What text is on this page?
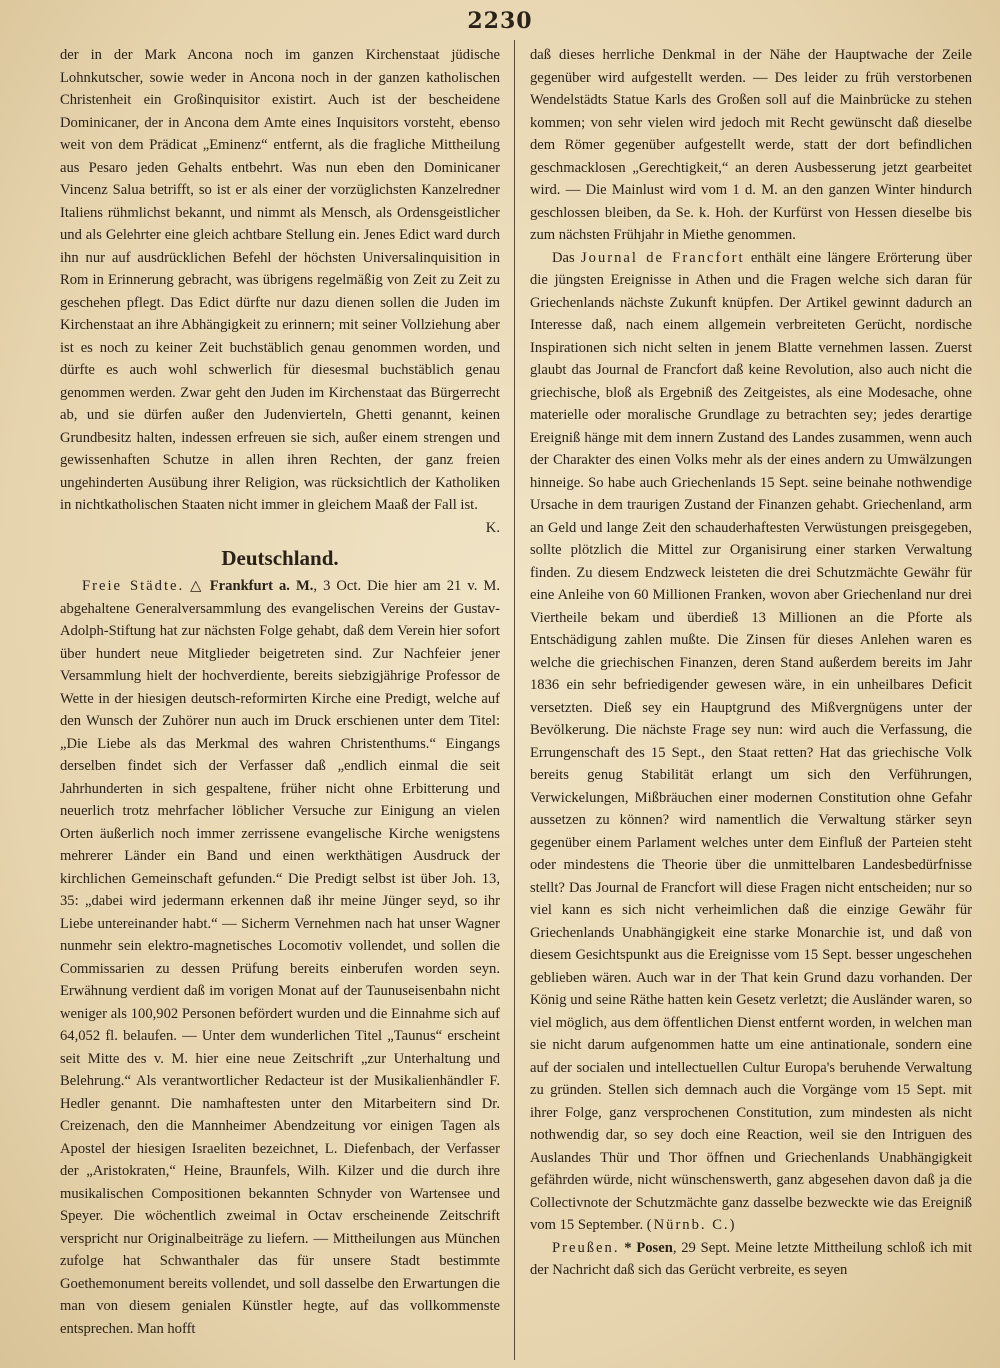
2230

der in der Mark Ancona noch im ganzen Kirchenstaat jüdische Lohnkutscher, sowie weder in Ancona noch in der ganzen katholischen Christenheit ein Großinquisitor existirt. Auch ist der bescheidene Dominicaner, der in Ancona dem Amte eines Inquisitors vorsteht, ebenso weit von dem Prädicat „Eminenz“ entfernt, als die fragliche Mittheilung aus Pesaro jeden Gehalts entbehrt. Was nun eben den Dominicaner Vincenz Salua betrifft, so ist er als einer der vorzüglichsten Kanzelredner Italiens rühmlichst bekannt, und nimmt als Mensch, als Ordensgeistlicher und als Gelehrter eine gleich achtbare Stellung ein. Jenes Edict ward durch ihn nur auf ausdrücklichen Befehl der höchsten Universalinquisition in Rom in Erinnerung gebracht, was übrigens regelmäßig von Zeit zu Zeit zu geschehen pflegt. Das Edict dürfte nur dazu dienen sollen die Juden im Kirchenstaat an ihre Abhängigkeit zu erinnern; mit seiner Vollziehung aber ist es noch zu keiner Zeit buchstäblich genau genommen worden, und dürfte es auch wohl schwerlich für diesesmal buchstäblich genau genommen werden. Zwar geht den Juden im Kirchenstaat das Bürgerrecht ab, und sie dürfen außer den Judenvierteln, Ghetti genannt, keinen Grundbesitz halten, indessen erfreuen sie sich, außer einem strengen und gewissenhaften Schutze in allen ihren Rechten, der ganz freien ungehinderten Ausübung ihrer Religion, was rücksichtlich der Katholiken in nichtkatholischen Staaten nicht immer in gleichem Maaß der Fall ist.

K.

Deutschland.

Freie Städte. △ Frankfurt a. M., 3 Oct. Die hier am 21 v. M. abgehaltene Generalversammlung des evangelischen Vereins der Gustav-Adolph-Stiftung hat zur nächsten Folge gehabt, daß dem Verein hier sofort über hundert neue Mitglieder beigetreten sind. Zur Nachfeier jener Versammlung hielt der hochverdiente, bereits siebzigjährige Professor de Wette in der hiesigen deutsch-reformirten Kirche eine Predigt, welche auf den Wunsch der Zuhörer nun auch im Druck erschienen unter dem Titel: „Die Liebe als das Merkmal des wahren Christenthums.“ Eingangs derselben findet sich der Verfasser daß „endlich einmal die seit Jahrhunderten in sich gespaltene, früher nicht ohne Erbitterung und neuerlich trotz mehrfacher löblicher Versuche zur Einigung an vielen Orten äußerlich noch immer zerrissene evangelische Kirche wenigstens mehrerer Länder ein Band und einen werkthätigen Ausdruck der kirchlichen Gemeinschaft gefunden.“ Die Predigt selbst ist über Joh. 13, 35: „dabei wird jedermann erkennen daß ihr meine Jünger seyd, so ihr Liebe untereinander habt.“ — Sicherm Vernehmen nach hat unser Wagner nunmehr sein elektro-magnetisches Locomotiv vollendet, und sollen die Commissarien zu dessen Prüfung bereits einberufen worden seyn. Erwähnung verdient daß im vorigen Monat auf der Taunuseisenbahn nicht weniger als 100,902 Personen befördert wurden und die Einnahme sich auf 64,052 fl. belaufen. — Unter dem wunderlichen Titel „Taunus“ erscheint seit Mitte des v. M. hier eine neue Zeitschrift „zur Unterhaltung und Belehrung.“ Als verantwortlicher Redacteur ist der Musikalienhändler F. Hedler genannt. Die namhaftesten unter den Mitarbeitern sind Dr. Creizenach, den die Mannheimer Abendzeitung vor einigen Tagen als Apostel der hiesigen Israeliten bezeichnet, L. Diefenbach, der Verfasser der „Aristokraten,“ Heine, Braunfels, Wilh. Kilzer und die durch ihre musikalischen Compositionen bekannten Schnyder von Wartensee und Speyer. Die wöchentlich zweimal in Octav erscheinende Zeitschrift verspricht nur Originalbeiträge zu liefern. — Mittheilungen aus München zufolge hat Schwanthaler das für unsere Stadt bestimmte Goethemonument bereits vollendet, und soll dasselbe den Erwartungen die man von diesem genialen Künstler hegte, auf das vollkommenste entsprechen. Man hofft

daß dieses herrliche Denkmal in der Nähe der Hauptwache der Zeile gegenüber wird aufgestellt werden. — Des leider zu früh verstorbenen Wendelstädts Statue Karls des Großen soll auf die Mainbrücke zu stehen kommen; von sehr vielen wird jedoch mit Recht gewünscht daß dieselbe dem Römer gegenüber aufgestellt werde, statt der dort befindlichen geschmacklosen „Gerechtigkeit,“ an deren Ausbesserung jetzt gearbeitet wird. — Die Mainlust wird vom 1 d. M. an den ganzen Winter hindurch geschlossen bleiben, da Se. k. Hoh. der Kurfürst von Hessen dieselbe bis zum nächsten Frühjahr in Miethe genommen.

Das Journal de Francfort enthält eine längere Erörterung über die jüngsten Ereignisse in Athen und die Fragen welche sich daran für Griechenlands nächste Zukunft knüpfen. Der Artikel gewinnt dadurch an Interesse daß, nach einem allgemein verbreiteten Gerücht, nordische Inspirationen sich nicht selten in jenem Blatte vernehmen lassen. Zuerst glaubt das Journal de Francfort daß keine Revolution, also auch nicht die griechische, bloß als Ergebniß des Zeitgeistes, als eine Modesache, ohne materielle oder moralische Grundlage zu betrachten sey; jedes derartige Ereigniß hänge mit dem innern Zustand des Landes zusammen, wenn auch der Charakter des einen Volks mehr als der eines andern zu Umwälzungen hinneige. So habe auch Griechenlands 15 Sept. seine beinahe nothwendige Ursache in dem traurigen Zustand der Finanzen gehabt. Griechenland, arm an Geld und lange Zeit den schauderhaftesten Verwüstungen preisgegeben, sollte plötzlich die Mittel zur Organisirung einer starken Verwaltung finden. Zu diesem Endzweck leisteten die drei Schutzmächte Gewähr für eine Anleihe von 60 Millionen Franken, wovon aber Griechenland nur drei Viertheile bekam und überdieß 13 Millionen an die Pforte als Entschädigung zahlen mußte. Die Zinsen für dieses Anlehen waren es welche die griechischen Finanzen, deren Stand außerdem bereits im Jahr 1836 ein sehr befriedigender gewesen wäre, in ein unheilbares Deficit versetzten. Dieß sey ein Hauptgrund des Mißvergnügens unter der Bevölkerung. Die nächste Frage sey nun: wird auch die Verfassung, die Errungenschaft des 15 Sept., den Staat retten? Hat das griechische Volk bereits genug Stabilität erlangt um sich den Verführungen, Verwickelungen, Mißbräuchen einer modernen Constitution ohne Gefahr aussetzen zu können? wird namentlich die Verwaltung stärker seyn gegenüber einem Parlament welches unter dem Einfluß der Parteien steht oder mindestens die Theorie über die unmittelbaren Landesbedürfnisse stellt? Das Journal de Francfort will diese Fragen nicht entscheiden; nur so viel kann es sich nicht verheimlichen daß die einzige Gewähr für Griechenlands Unabhängigkeit eine starke Monarchie ist, und daß von diesem Gesichtspunkt aus die Ereignisse vom 15 Sept. besser ungeschehen geblieben wären. Auch war in der That kein Grund dazu vorhanden. Der König und seine Räthe hatten kein Gesetz verletzt; die Ausländer waren, so viel möglich, aus dem öffentlichen Dienst entfernt worden, in welchen man sie nicht darum aufgenommen hatte um eine antinationale, sondern eine auf der socialen und intellectuellen Cultur Europa's beruhende Verwaltung zu gründen. Stellen sich demnach auch die Vorgänge vom 15 Sept. mit ihrer Folge, ganz versprochenen Constitution, zum mindesten als nicht nothwendig dar, so sey doch eine Reaction, weil sie den Intriguen des Auslandes Thür und Thor öffnen und Griechenlands Unabhängigkeit gefährden würde, nicht wünschenswerth, ganz abgesehen davon daß ja die Collectivnote der Schutzmächte ganz dasselbe bezweckte wie das Ereigniß vom 15 September. (Nürnb. C.)

Preußen. * Posen, 29 Sept. Meine letzte Mittheilung schloß ich mit der Nachricht daß sich das Gerücht verbreite, es seyen
